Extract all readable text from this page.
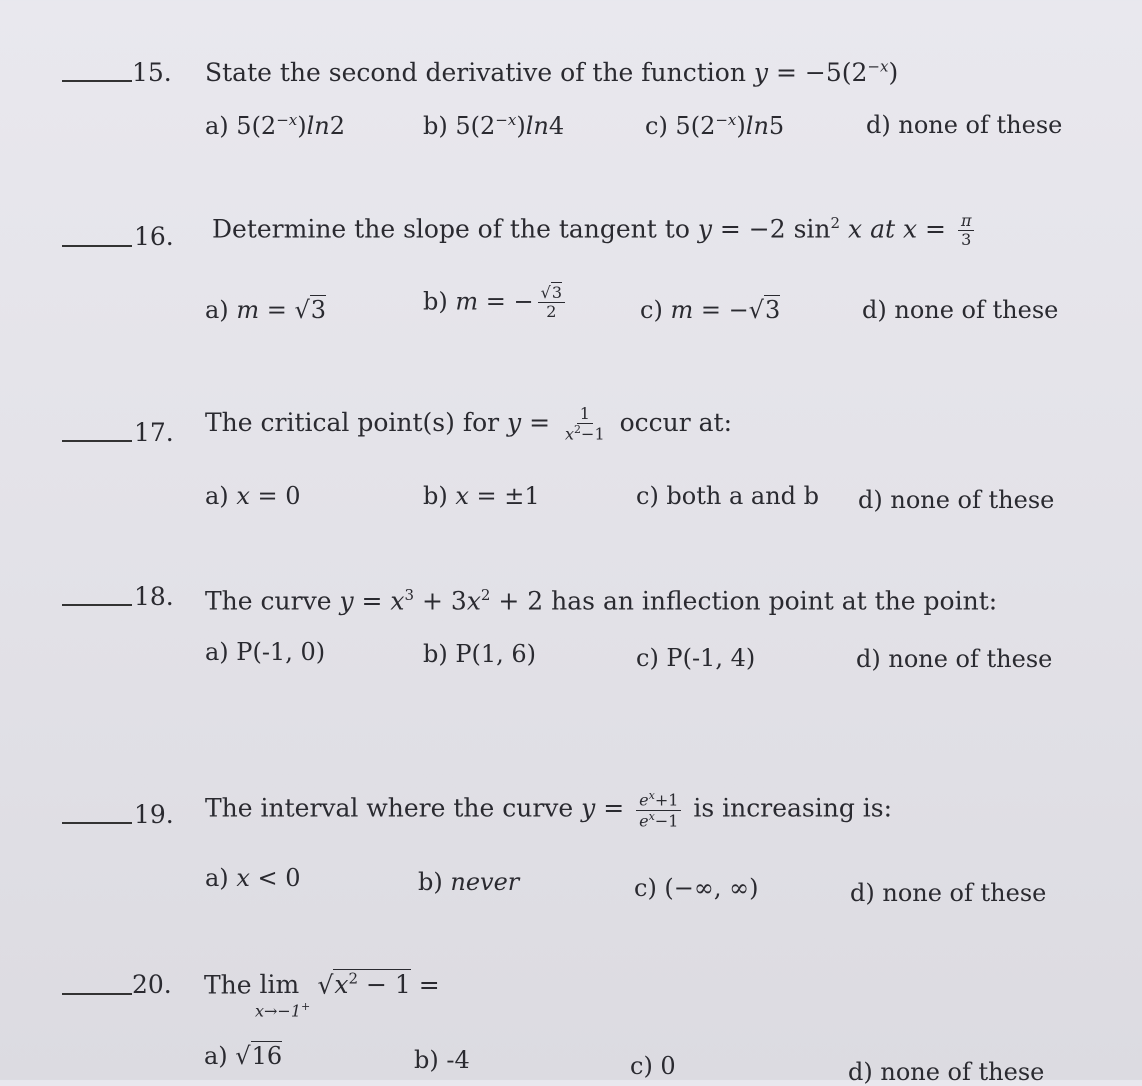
15. State the second derivative of the function $y = -5(2^{-x})$
a) $5(2^{-x})\ln 2$	b) $5(2^{-x})\ln 4$	c) $5(2^{-x})\ln 5$	d) none of these
16. Determine the slope of the tangent to y = −2 $\sin^2 x$ at $x = \frac{\pi}{3}$
a) m = √3	b) m = − $\frac{√3}{2}$	c) m = −√3	d) none of these
17. The critical point(s) for $y = \frac{1}{x^2-1}$ occur at:
a) x = 0	b) x = ±1	c) both a and b d) none of these
18. The curve $y = x^3 + 3x^2 + 2$ has an inflection point at the point:
a) P(-1, 0)	b) P(1, 6)	c) P(-1, 4)	d) none of these
19. The interval where the curve $y = \frac{e^x+1}{e^x-1}$ is increasing is:
a) x < 0	b) never	c) (−∞, ∞)	d) none of these
20. The $\lim √x^2 - 1$ =
x→−1+
a) √16	b) -4	c) 0	d) none of these
